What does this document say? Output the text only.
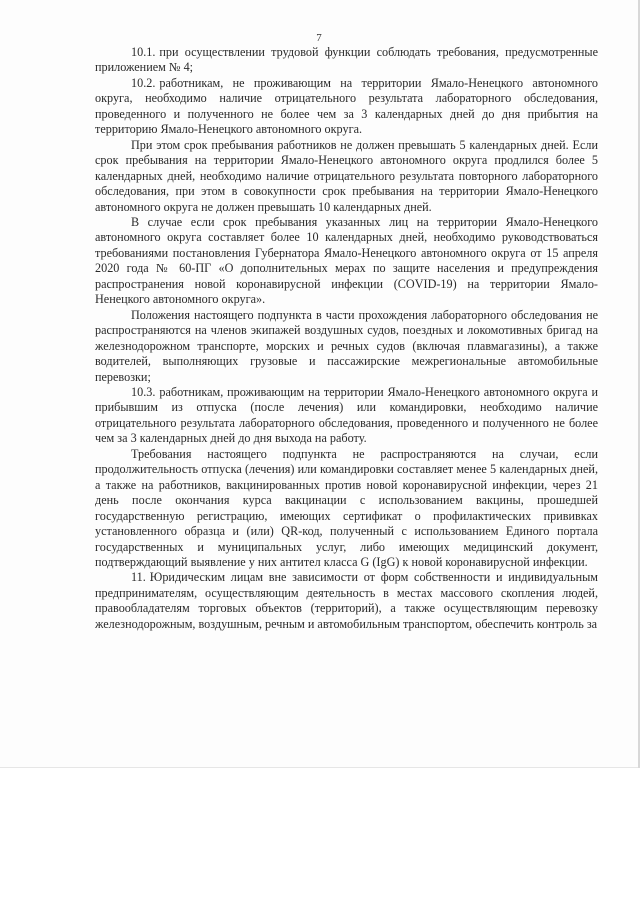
7

10.1. при осуществлении трудовой функции соблюдать требования, предусмотренные приложением № 4;

10.2. работникам, не проживающим на территории Ямало-Ненецкого автономного округа, необходимо наличие отрицательного результата лабораторного обследования, проведенного и полученного не более чем за 3 календарных дней до дня прибытия на территорию Ямало-Ненецкого автономного округа.

При этом срок пребывания работников не должен превышать 5 календарных дней. Если срок пребывания на территории Ямало-Ненецкого автономного округа продлился более 5 календарных дней, необходимо наличие отрицательного результата повторного лабораторного обследования, при этом в совокупности срок пребывания на территории Ямало-Ненецкого автономного округа не должен превышать 10 календарных дней.

В случае если срок пребывания указанных лиц на территории Ямало-Ненецкого автономного округа составляет более 10 календарных дней, необходимо руководствоваться требованиями постановления Губернатора Ямало-Ненецкого автономного округа от 15 апреля 2020 года № 60-ПГ «О дополнительных мерах по защите населения и предупреждения распространения новой коронавирусной инфекции (COVID-19) на территории Ямало-Ненецкого автономного округа».

Положения настоящего подпункта в части прохождения лабораторного обследования не распространяются на членов экипажей воздушных судов, поездных и локомотивных бригад на железнодорожном транспорте, морских и речных судов (включая плавмагазины), а также водителей, выполняющих грузовые и пассажирские межрегиональные автомобильные перевозки;

10.3. работникам, проживающим на территории Ямало-Ненецкого автономного округа и прибывшим из отпуска (после лечения) или командировки, необходимо наличие отрицательного результата лабораторного обследования, проведенного и полученного не более чем за 3 календарных дней до дня выхода на работу.

Требования настоящего подпункта не распространяются на случаи, если продолжительность отпуска (лечения) или командировки составляет менее 5 календарных дней, а также на работников, вакцинированных против новой коронавирусной инфекции, через 21 день после окончания курса вакцинации с использованием вакцины, прошедшей государственную регистрацию, имеющих сертификат о профилактических прививках установленного образца и (или) QR-код, полученный с использованием Единого портала государственных и муниципальных услуг, либо имеющих медицинский документ, подтверждающий выявление у них антител класса G (IgG) к новой коронавирусной инфекции.

11. Юридическим лицам вне зависимости от форм собственности и индивидуальным предпринимателям, осуществляющим деятельность в местах массового скопления людей, правообладателям торговых объектов (территорий), а также осуществляющим перевозку железнодорожным, воздушным, речным и автомобильным транспортом, обеспечить контроль за
